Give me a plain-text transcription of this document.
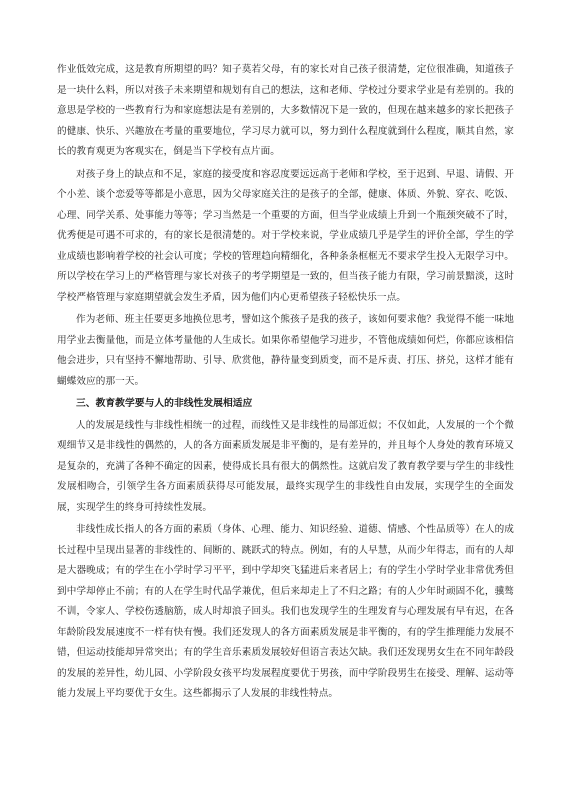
作业低效完成，这是教育所期望的吗？知子莫若父母，有的家长对自己孩子很清楚，定位很准确，知道孩子是一块什么料，所以对孩子未来期望和规划有自己的想法，这和老师、学校过分要求学业是有差别的。我的意思是学校的一些教育行为和家庭想法是有差别的，大多数情况下是一致的，但现在越来越多的家长把孩子的健康、快乐、兴趣放在考量的重要地位，学习尽力就可以，努力到什么程度就到什么程度，顺其自然，家长的教育观更为客观实在，倒是当下学校有点片面。

对孩子身上的缺点和不足，家庭的接受度和容忍度要远远高于老师和学校，至于迟到、早退、请假、开个小差、谈个恋爱等等都是小意思，因为父母家庭关注的是孩子的全部，健康、体质、外貌、穿衣、吃饭、心理、同学关系、处事能力等等；学习当然是一个重要的方面，但当学业成绩上升到一个瓶颈突破不了时，优秀便是可遇不可求的，有的家长是很清楚的。对于学校来说，学业成绩几乎是学生的评价全部，学生的学业成绩也影响着学校的社会认可度；学校的管理趋向精细化，各种条条框框无不要求学生投入无限学习中。所以学校在学习上的严格管理与家长对孩子的考学期望是一致的，但当孩子能力有限，学习前景黯淡，这时学校严格管理与家庭期望就会发生矛盾，因为他们内心更希望孩子轻松快乐一点。

作为老师、班主任要更多地换位思考，譬如这个熊孩子是我的孩子，该如何要求他？我觉得不能一味地用学业去衡量他，而是立体考量他的人生成长。如果你希望他学习进步，不管他成绩如何烂，你都应该相信他会进步，只有坚持不懈地帮助、引导、欣赏他，静待量变到质变，而不是斥责、打压、挤兑，这样才能有蝴蝶效应的那一天。

三、教育教学要与人的非线性发展相适应

人的发展是线性与非线性相统一的过程，而线性又是非线性的局部近似；不仅如此，人发展的一个个微观细节又是非线性的偶然的，人的各方面素质发展是非平衡的，是有差异的，并且每个人身处的教育环境又是复杂的，充满了各种不确定的因素，使得成长具有很大的偶然性。这就启发了教育教学要与学生的非线性发展相吻合，引领学生各方面素质获得尽可能发展，最终实现学生的非线性自由发展，实现学生的全面发展，实现学生的终身可持续性发展。

非线性成长指人的各方面的素质（身体、心理、能力、知识经验、道德、情感、个性品质等）在人的成长过程中呈现出显著的非线性的、间断的、跳跃式的特点。例如，有的人早慧，从而少年得志，而有的人却是大器晚成；有的学生在小学时学习平平，到中学却突飞猛进后来者居上；有的学生小学时学业非常优秀但到中学却停止不前；有的人在学生时代品学兼优，但后来却走上了不归之路；有的人少年时顽固不化，骥骜不训，令家人、学校伤透脑筋，成人时却浪子回头。我们也发现学生的生理发育与心理发展有早有迟，在各年龄阶段发展速度不一样有快有慢。我们还发现人的各方面素质发展是非平衡的，有的学生推理能力发展不错，但运动技能却异常突出；有的学生音乐素质发展较好但语言表达欠缺。我们还发现男女生在不同年龄段的发展的差异性，幼儿园、小学阶段女孩平均发展程度要优于男孩，而中学阶段男生在接受、理解、运动等能力发展上平均要优于女生。这些都揭示了人发展的非线性特点。
